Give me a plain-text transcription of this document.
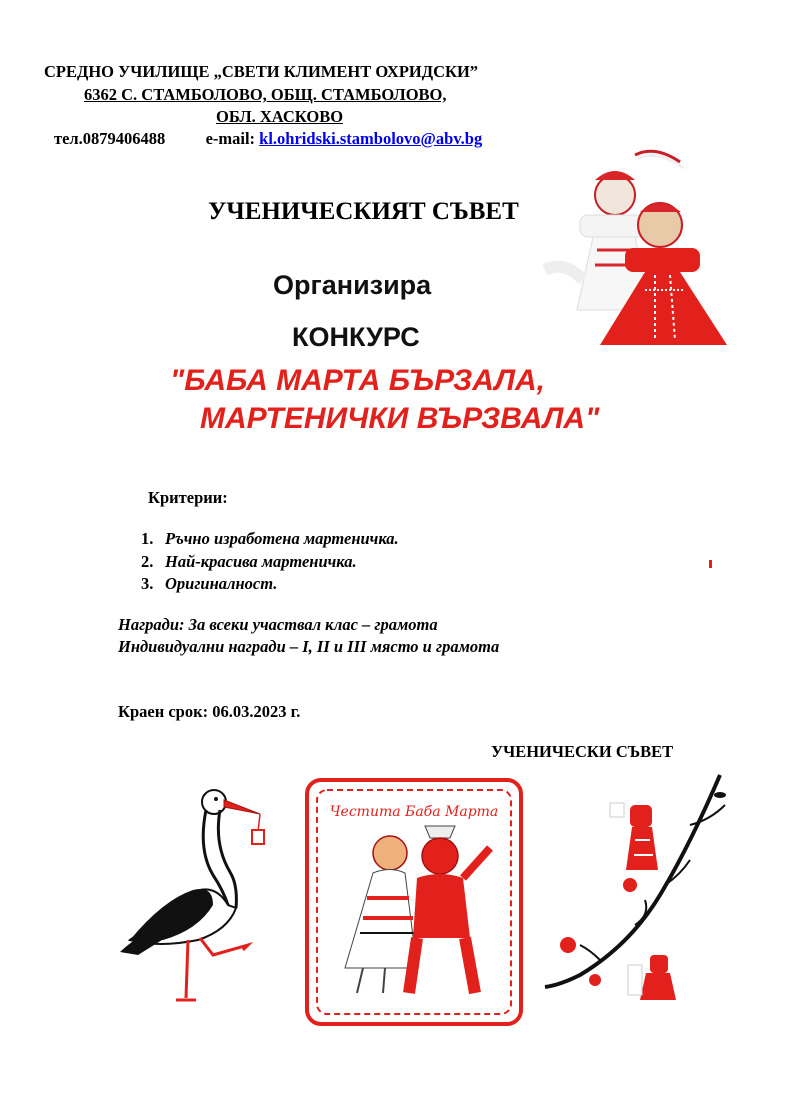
СРЕДНО УЧИЛИЩЕ „СВЕТИ КЛИМЕНТ ОХРИДСКИ”
6362 С. СТАМБОЛОВО, ОБЩ. СТАМБОЛОВО,
ОБЛ. ХАСКОВО
тел.0879406488 e-mail: kl.ohridski.stambolovo@abv.bg
УЧЕНИЧЕСКИЯТ СЪВЕТ
Организира
КОНКУРС
"БАБА МАРТА БЪРЗАЛА,
МАРТЕНИЧКИ ВЪРЗВАЛА"
Критерии:
1. Ръчно изработена мартеничка.
2. Най-красива мартеничка.
3. Оригиналност.
Награди: За всеки участвал клас – грамота
Индивидуални награди – I, II и III място и грамота
Краен срок: 06.03.2023 г.
УЧЕНИЧЕСКИ СЪВЕТ
Честита Баба Марта
